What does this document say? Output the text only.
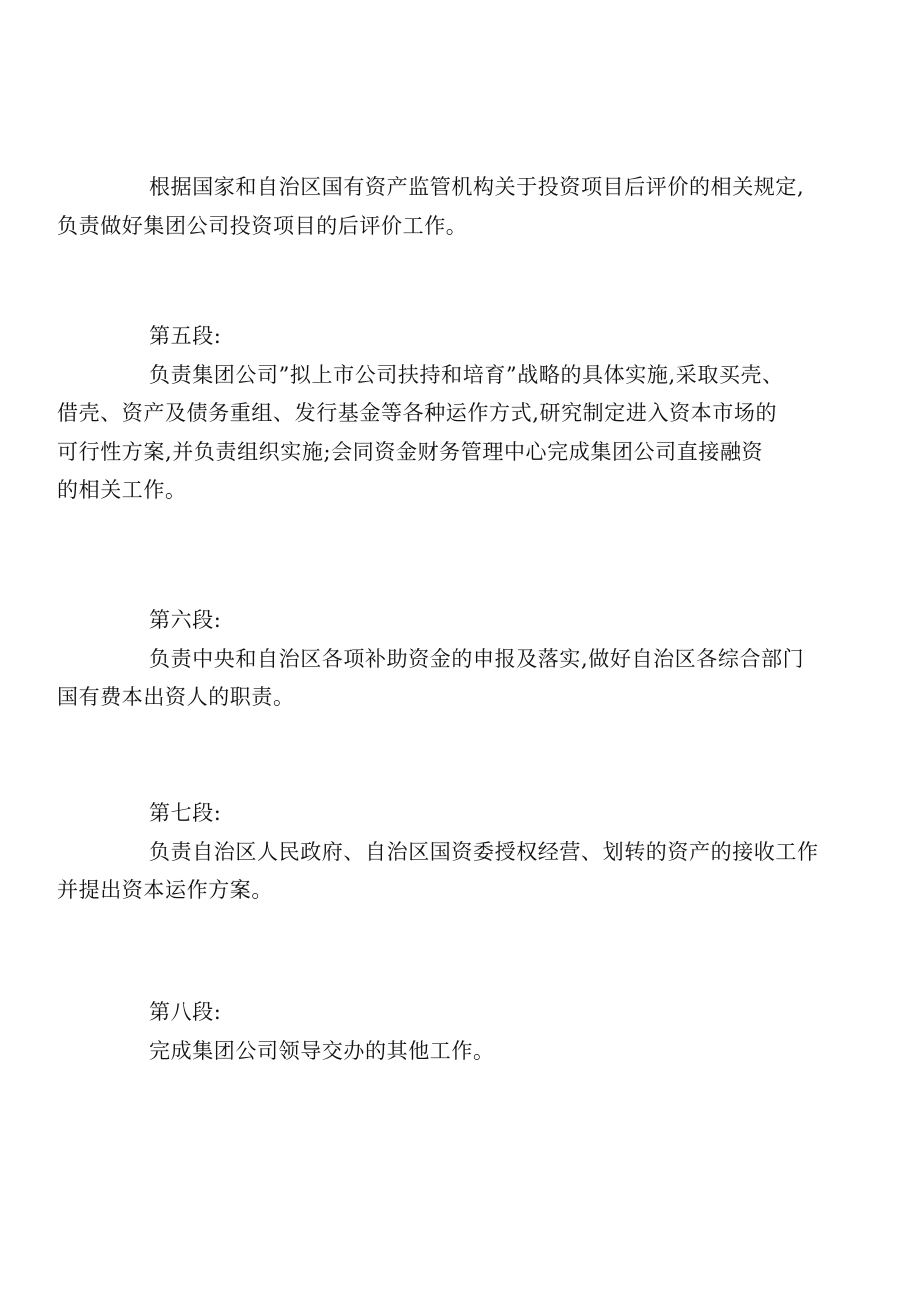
根据国家和自治区国有资产监管机构关于投资项目后评价的相关规定,
负责做好集团公司投资项目的后评价工作。

第五段:

负责集团公司”拟上市公司扶持和培育”战略的具体实施,采取买壳、
借壳、资产及债务重组、发行基金等各种运作方式,研究制定进入资本市场的
可行性方案,并负责组织实施;会同资金财务管理中心完成集团公司直接融资
的相关工作。

第六段:

负责中央和自治区各项补助资金的申报及落实,做好自治区各综合部门
国有费本出资人的职责。

第七段:

负责自治区人民政府、自治区国资委授权经营、划转的资产的接收工作
并提出资本运作方案。

第八段:

完成集团公司领导交办的其他工作。
